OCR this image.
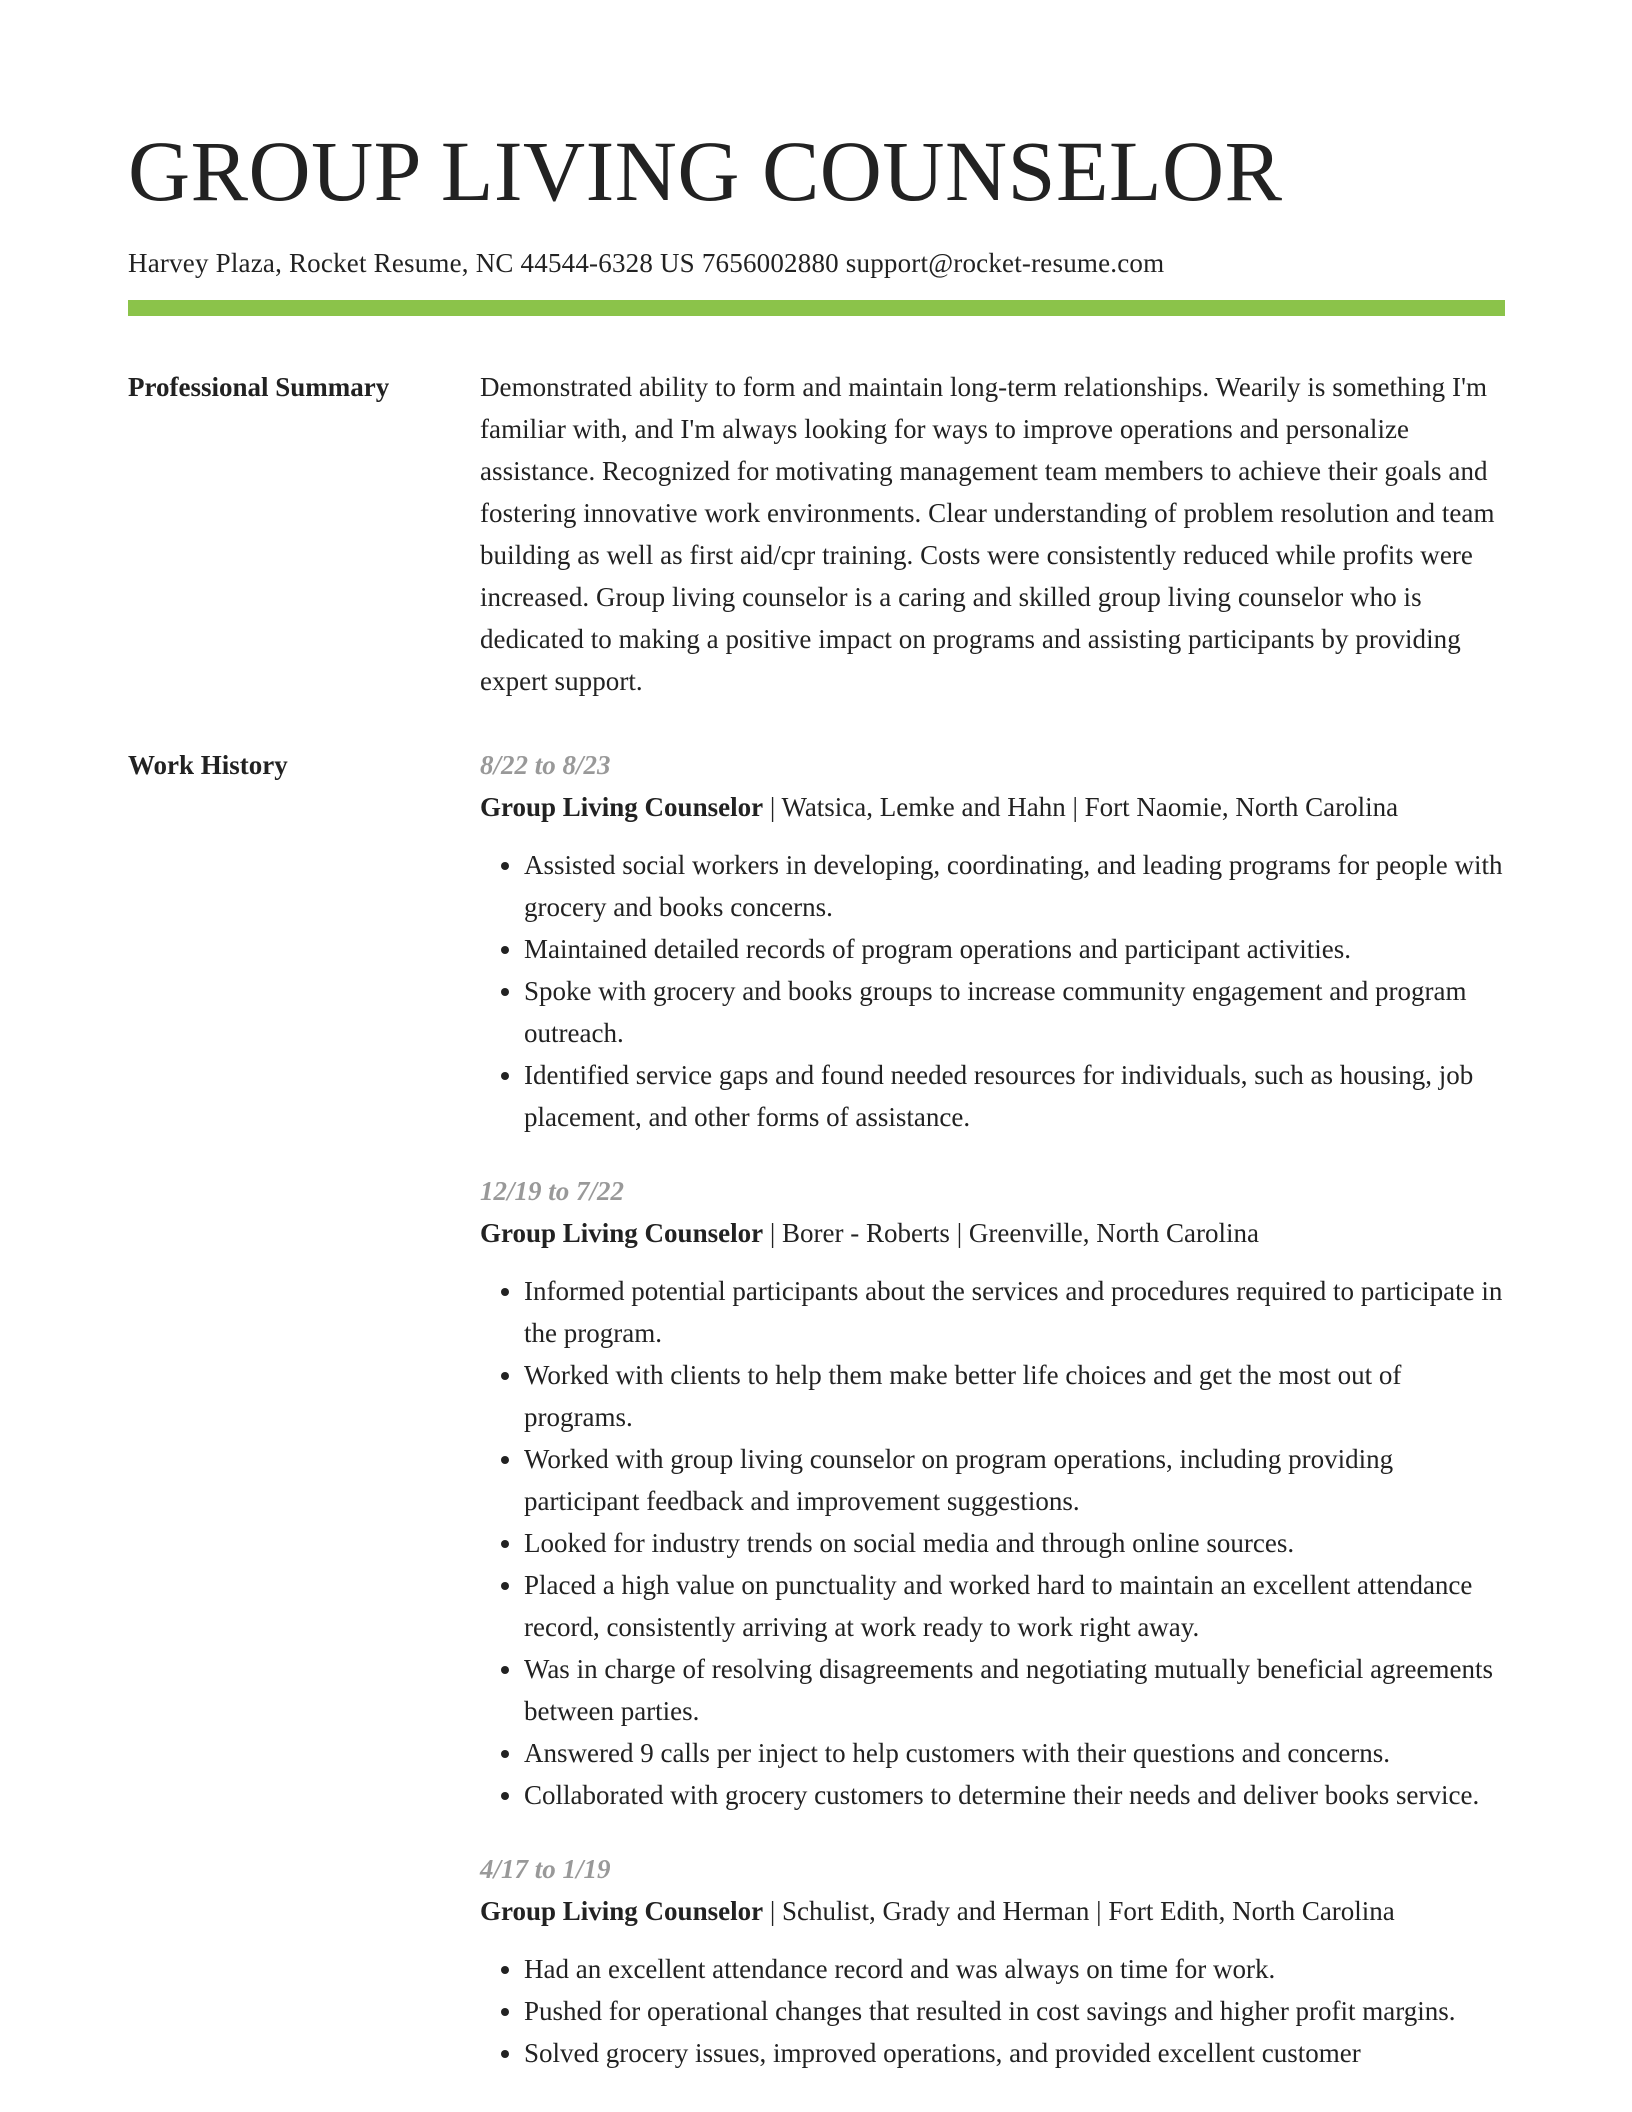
GROUP LIVING COUNSELOR
Harvey Plaza, Rocket Resume, NC 44544-6328 US 7656002880 support@rocket-resume.com
Professional Summary	Demonstrated ability to form and maintain long-term relationships. Wearily is something I'm familiar with, and I'm always looking for ways to improve operations and personalize assistance. Recognized for motivating management team members to achieve their goals and fostering innovative work environments. Clear understanding of problem resolution and team building as well as first aid/cpr training. Costs were consistently reduced while profits were increased. Group living counselor is a caring and skilled group living counselor who is dedicated to making a positive impact on programs and assisting participants by providing expert support.

Work History	8/22 to 8/23
Group Living Counselor | Watsica, Lemke and Hahn | Fort Naomie, North Carolina
• Assisted social workers in developing, coordinating, and leading programs for people with grocery and books concerns.
• Maintained detailed records of program operations and participant activities.
• Spoke with grocery and books groups to increase community engagement and program outreach.
• Identified service gaps and found needed resources for individuals, such as housing, job placement, and other forms of assistance.
12/19 to 7/22
Group Living Counselor | Borer - Roberts | Greenville, North Carolina
• Informed potential participants about the services and procedures required to participate in the program.
• Worked with clients to help them make better life choices and get the most out of programs.
• Worked with group living counselor on program operations, including providing participant feedback and improvement suggestions.
• Looked for industry trends on social media and through online sources.
• Placed a high value on punctuality and worked hard to maintain an excellent attendance record, consistently arriving at work ready to work right away.
• Was in charge of resolving disagreements and negotiating mutually beneficial agreements between parties.
• Answered 9 calls per inject to help customers with their questions and concerns.
• Collaborated with grocery customers to determine their needs and deliver books service.
4/17 to 1/19
Group Living Counselor | Schulist, Grady and Herman | Fort Edith, North Carolina
• Had an excellent attendance record and was always on time for work.
• Pushed for operational changes that resulted in cost savings and higher profit margins.
• Solved grocery issues, improved operations, and provided excellent customer
